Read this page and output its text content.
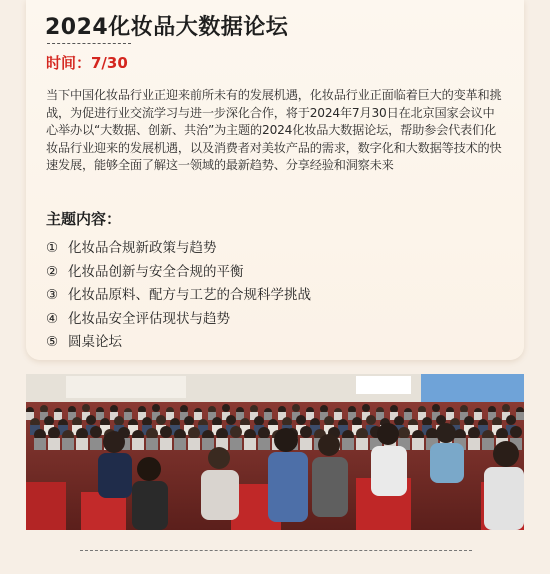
2024化妆品大数据论坛
时间：7/30

当下中国化妆品行业正迎来前所未有的发展机遇，化妆品行业正面临着巨大的变革和挑战，为促进行业交流学习与进一步深化合作，将于2024年7月30日在北京国家会议中心举办以“大数据、创新、共治”为主题的2024化妆品大数据论坛，帮助参会代表们化妆品行业迎来的发展机遇，以及消费者对美妆产品的需求，数字化和大数据等技术的快速发展，能够全面了解这一领域的最新趋势、分享经验和洞察未来

主题内容：
① 化妆品合规新政策与趋势
② 化妆品创新与安全合规的平衡
③ 化妆品原料、配方与工艺的合规科学挑战
④ 化妆品安全评估现状与趋势
⑤ 圆桌论坛
